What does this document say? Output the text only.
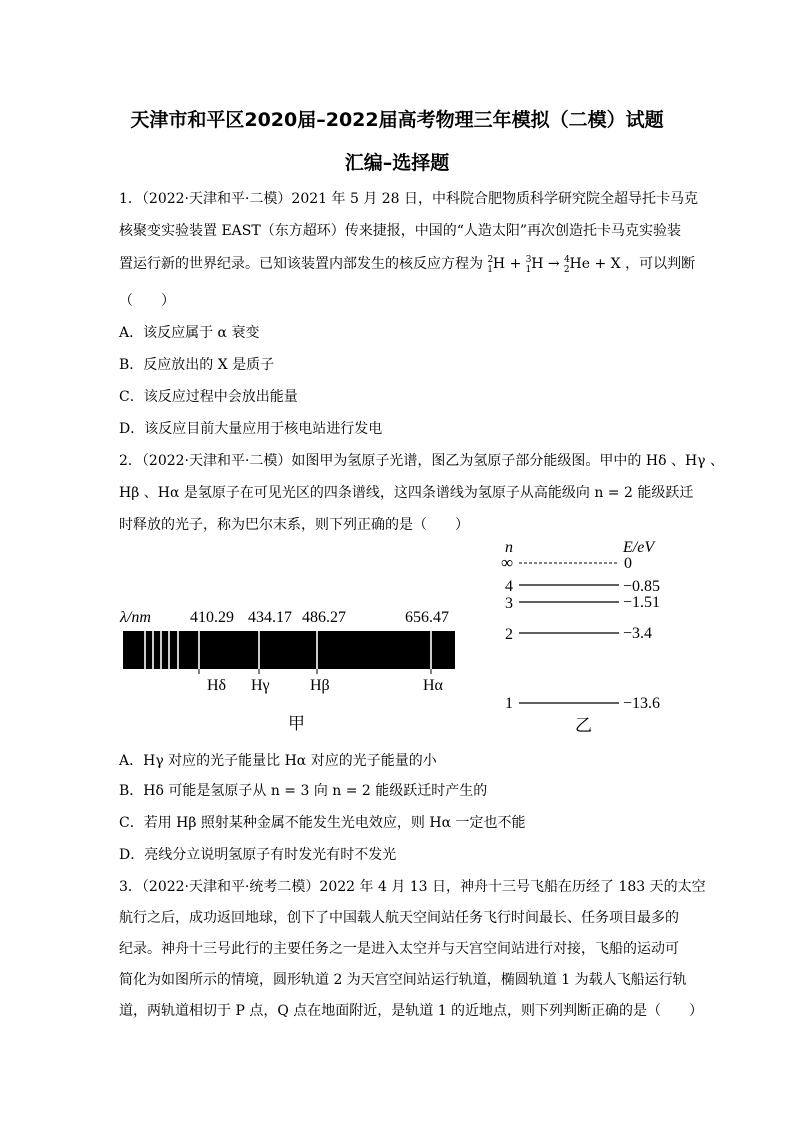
天津市和平区2020届–2022届高考物理三年模拟（二模）试题
汇编–选择题
1．（2022·天津和平·二模）2021 年 5 月 28 日，中科院合肥物质科学研究院全超导托卡马克
核聚变实验装置 EAST（东方超环）传来捷报，中国的“人造太阳”再次创造托卡马克实验装
置运行新的世界纪录。已知该装置内部发生的核反应方程为 $^2_1$H + $^3_1$H → $^4_2$He + X ，可以判断
（　　）
A．该反应属于 α 衰变
B．反应放出的 X 是质子
C．该反应过程中会放出能量
D．该反应目前大量应用于核电站进行发电
2．（2022·天津和平·二模）如图甲为氢原子光谱，图乙为氢原子部分能级图。甲中的 Hδ 、Hγ 、
Hβ 、Hα 是氢原子在可见光区的四条谱线，这四条谱线为氢原子从高能级向 n = 2 能级跃迁
时释放的光子，称为巴尔末系，则下列正确的是（　　）
λ/nm 410.29 434.17 486.27	656.47
Hδ Hγ	Hβ	Hα
甲
n	E/eV
∞	0
4	−0.85
3	−1.51
2	−3.4
1	−13.6
乙
A．Hγ 对应的光子能量比 Hα 对应的光子能量的小
B．Hδ 可能是氢原子从 n = 3 向 n = 2 能级跃迁时产生的
C．若用 Hβ 照射某种金属不能发生光电效应，则 Hα 一定也不能
D．亮线分立说明氢原子有时发光有时不发光
3．（2022·天津和平·统考二模）2022 年 4 月 13 日，神舟十三号飞船在历经了 183 天的太空
航行之后，成功返回地球，创下了中国载人航天空间站任务飞行时间最长、任务项目最多的
纪录。神舟十三号此行的主要任务之一是进入太空并与天宫空间站进行对接，飞船的运动可
简化为如图所示的情境，圆形轨道 2 为天宫空间站运行轨道，椭圆轨道 1 为载人飞船运行轨
道，两轨道相切于 P 点，Q 点在地面附近，是轨道 1 的近地点，则下列判断正确的是（　　）
